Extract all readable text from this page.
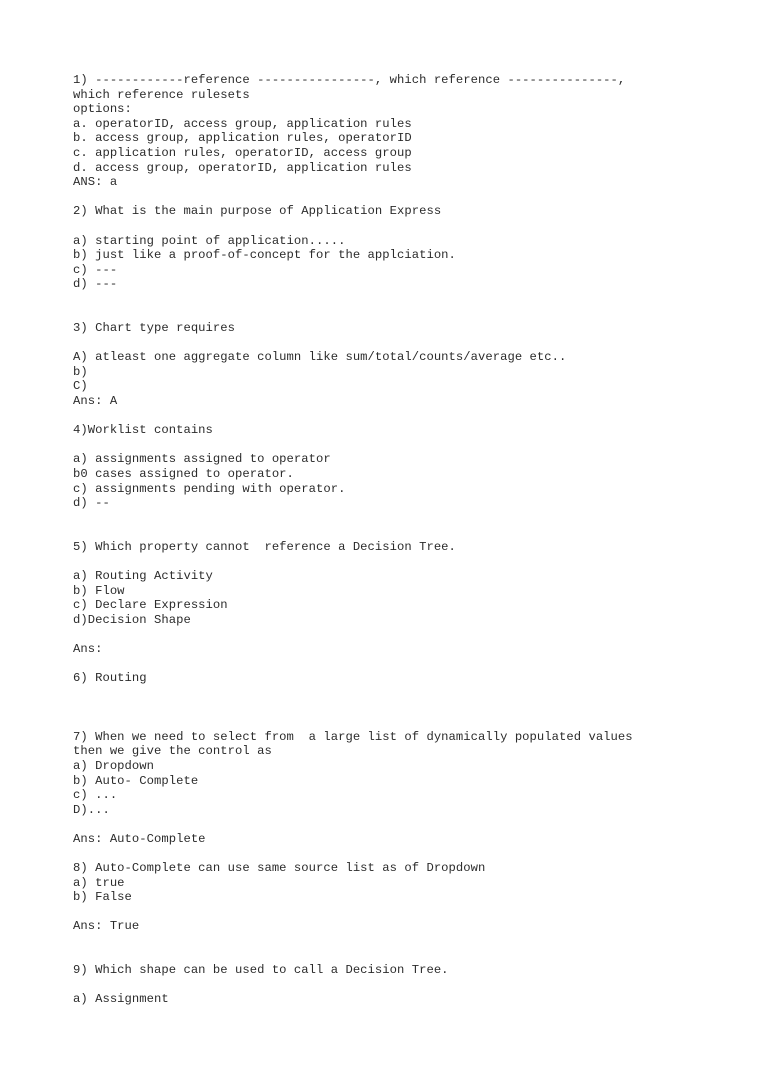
1) ------------reference ----------------, which reference ---------------,
which reference rulesets
options:
a. operatorID, access group, application rules
b. access group, application rules, operatorID
c. application rules, operatorID, access group
d. access group, operatorID, application rules
ANS: a
2) What is the main purpose of Application Express
a) starting point of application.....
b) just like a proof-of-concept for the applciation.
c) ---
d) ---
3) Chart type requires
A) atleast one aggregate column like sum/total/counts/average etc..
b)
C)
Ans: A
4)Worklist contains
a) assignments assigned to operator
b0 cases assigned to operator.
c) assignments pending with operator.
d) --
5) Which property cannot  reference a Decision Tree.
a) Routing Activity
b) Flow
c) Declare Expression
d)Decision Shape
Ans:
6) Routing
7) When we need to select from  a large list of dynamically populated values
then we give the control as
a) Dropdown
b) Auto- Complete
c) ...
D)...
Ans: Auto-Complete
8) Auto-Complete can use same source list as of Dropdown
a) true
b) False
Ans: True
9) Which shape can be used to call a Decision Tree.
a) Assignment
